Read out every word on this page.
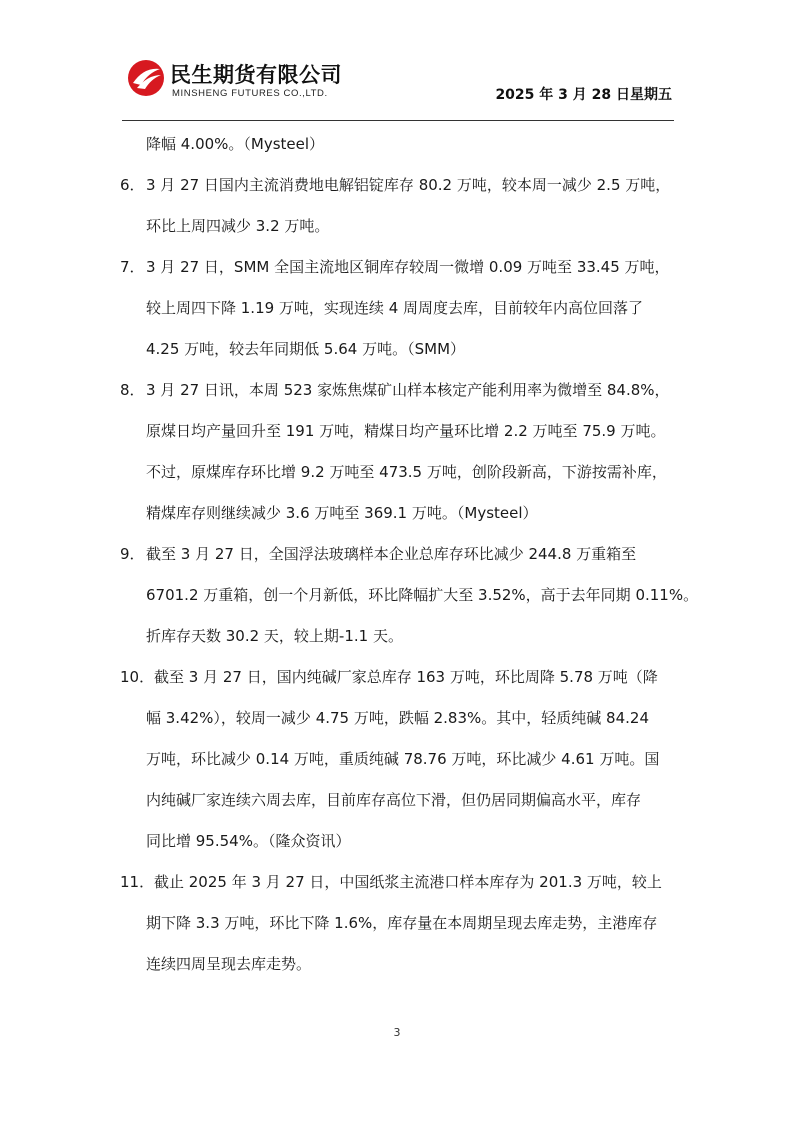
民生期货有限公司
MINSHENG FUTURES CO.,LTD.	2025 年 3 月 28 日星期五
降幅 4.00%。（Mysteel）
6．3 月 27 日国内主流消费地电解铝锭库存 80.2 万吨，较本周一减少 2.5 万吨，
环比上周四减少 3.2 万吨。
7．3 月 27 日，SMM 全国主流地区铜库存较周一微增 0.09 万吨至 33.45 万吨，
较上周四下降 1.19 万吨，实现连续 4 周周度去库，目前较年内高位回落了
4.25 万吨，较去年同期低 5.64 万吨。（SMM）
8．3 月 27 日讯，本周 523 家炼焦煤矿山样本核定产能利用率为微增至 84.8%，
原煤日均产量回升至 191 万吨，精煤日均产量环比增 2.2 万吨至 75.9 万吨。
不过，原煤库存环比增 9.2 万吨至 473.5 万吨，创阶段新高，下游按需补库，
精煤库存则继续减少 3.6 万吨至 369.1 万吨。（Mysteel）
9．截至 3 月 27 日，全国浮法玻璃样本企业总库存环比减少 244.8 万重箱至
6701.2 万重箱，创一个月新低，环比降幅扩大至 3.52%，高于去年同期 0.11%。
折库存天数 30.2 天，较上期-1.1 天。
10．截至 3 月 27 日，国内纯碱厂家总库存 163 万吨，环比周降 5.78 万吨（降
幅 3.42%），较周一减少 4.75 万吨，跌幅 2.83%。其中，轻质纯碱 84.24
万吨，环比减少 0.14 万吨，重质纯碱 78.76 万吨，环比减少 4.61 万吨。国
内纯碱厂家连续六周去库，目前库存高位下滑，但仍居同期偏高水平，库存
同比增 95.54%。（隆众资讯）
11．截止 2025 年 3 月 27 日，中国纸浆主流港口样本库存为 201.3 万吨，较上
期下降 3.3 万吨，环比下降 1.6%，库存量在本周期呈现去库走势，主港库存
连续四周呈现去库走势。
3
